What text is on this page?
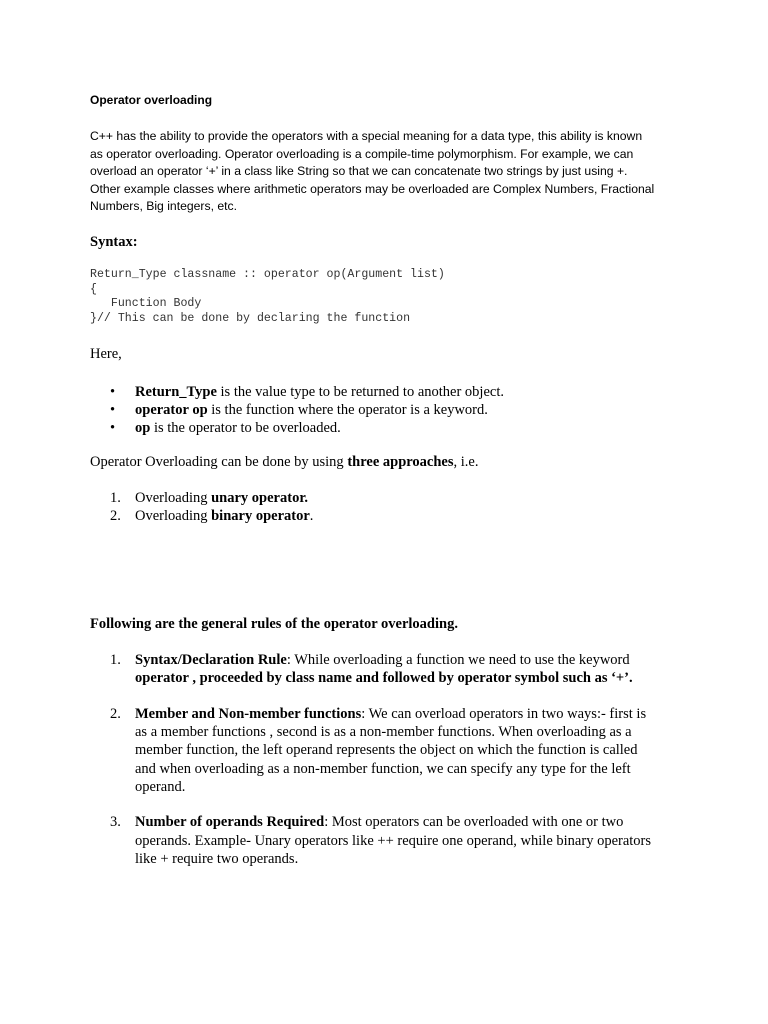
Operator overloading
C++ has the ability to provide the operators with a special meaning for a data type, this ability is known
as operator overloading. Operator overloading is a compile-time polymorphism. For example, we can
overload an operator ‘+’ in a class like String so that we can concatenate two strings by just using +.
Other example classes where arithmetic operators may be overloaded are Complex Numbers, Fractional
Numbers, Big integers, etc.
Syntax:
Return_Type classname :: operator op(Argument list)
{
Function Body
}// This can be done by declaring the function
Here,
• Return_Type is the value type to be returned to another object.
• operator op is the function where the operator is a keyword.
• op is the operator to be overloaded.
Operator Overloading can be done by using three approaches, i.e.
1. Overloading unary operator.
2. Overloading binary operator.
Following are the general rules of the operator overloading.
1. Syntax/Declaration Rule: While overloading a function we need to use the keyword
operator , proceeded by class name and followed by operator symbol such as ‘+’.
2. Member and Non-member functions: We can overload operators in two ways:- first is
as a member functions , second is as a non-member functions. When overloading as a
member function, the left operand represents the object on which the function is called
and when overloading as a non-member function, we can specify any type for the left
operand.
3. Number of operands Required: Most operators can be overloaded with one or two
operands. Example- Unary operators like ++ require one operand, while binary operators
like + require two operands.
